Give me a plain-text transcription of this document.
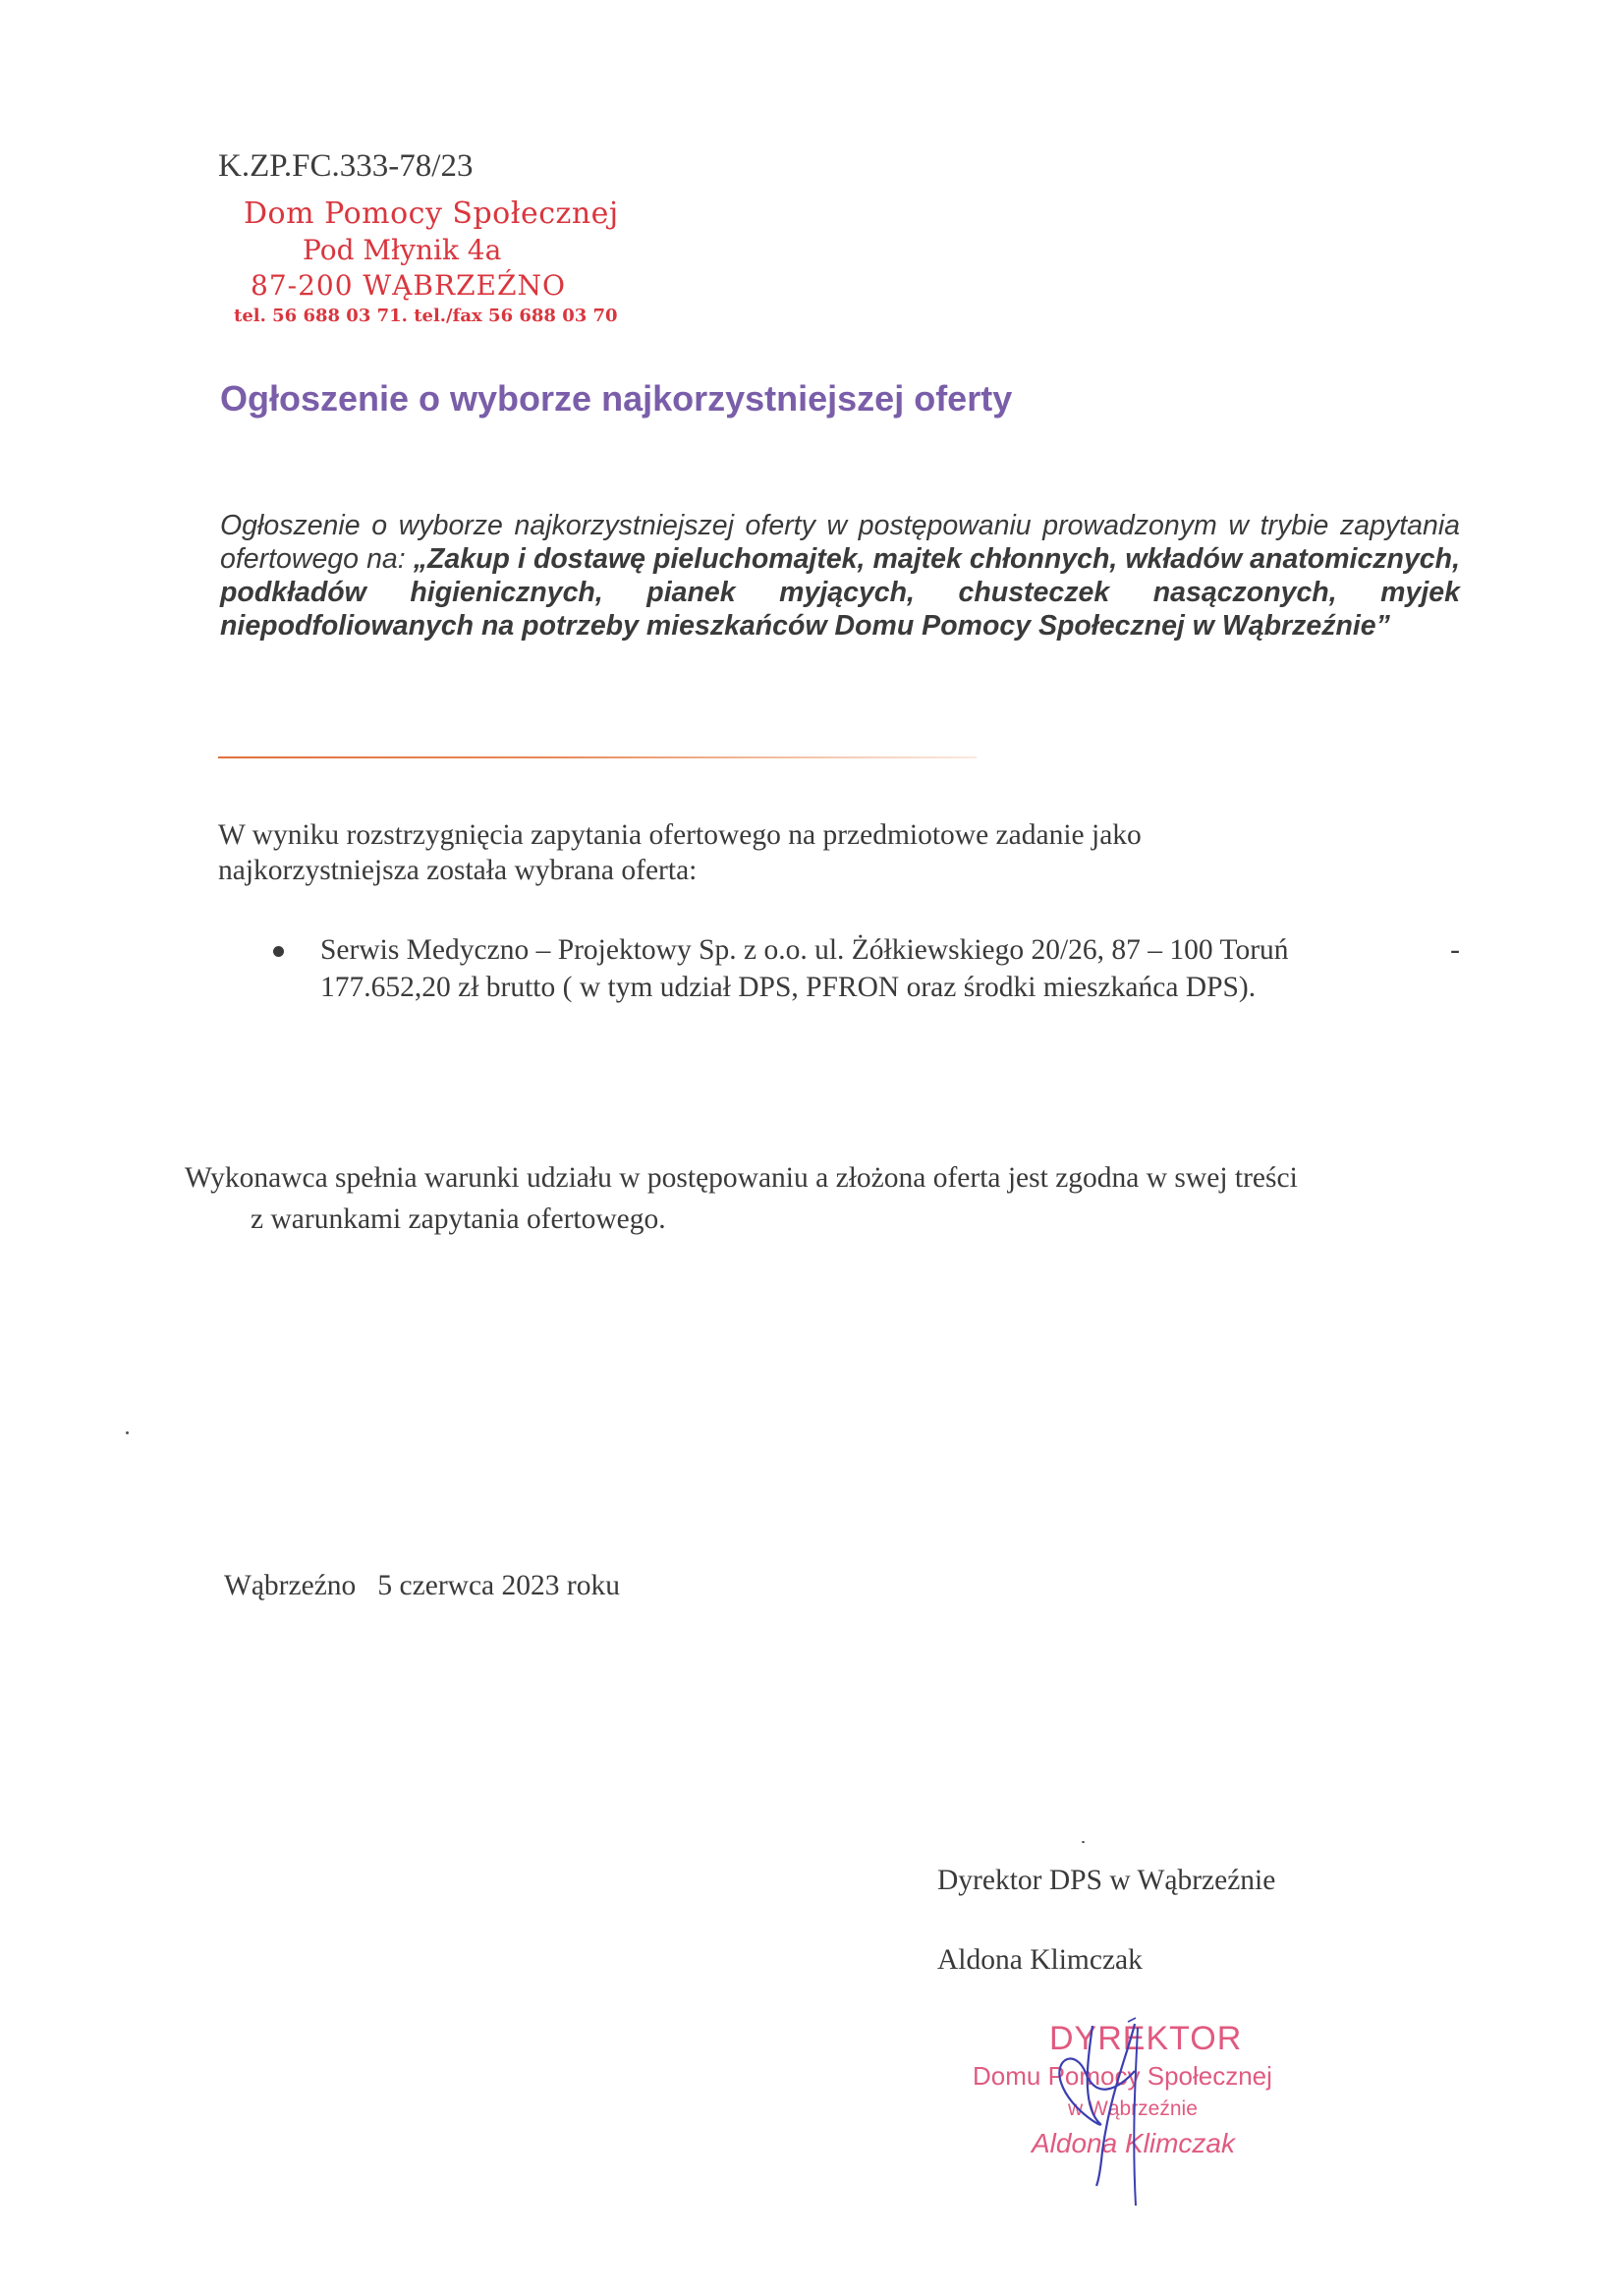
K.ZP.FC.333-78/23
Dom Pomocy Społecznej
Pod Młynik 4a
87-200 WĄBRZEŹNO
tel. 56 688 03 71. tel./fax 56 688 03 70
Ogłoszenie o wyborze najkorzystniejszej oferty
Ogłoszenie o wyborze najkorzystniejszej oferty w postępowaniu prowadzonym w trybie zapytania ofertowego na: „Zakup i dostawę pieluchomajtek, majtek chłonnych, wkładów anatomicznych, podkładów higienicznych, pianek myjących, chusteczek nasączonych, myjek niepodfoliowanych na potrzeby mieszkańców Domu Pomocy Społecznej w Wąbrzeźnie”
W wyniku rozstrzygnięcia zapytania ofertowego na przedmiotowe zadanie jako
najkorzystniejsza została wybrana oferta:
Serwis Medyczno – Projektowy Sp. z o.o. ul. Żółkiewskiego 20/26, 87 – 100 Toruń	-
177.652,20 zł brutto ( w tym udział DPS, PFRON oraz środki mieszkańca DPS).
Wykonawca spełnia warunki udziału w postępowaniu a złożona oferta jest zgodna w swej treści
z warunkami zapytania ofertowego.
Wąbrzeźno   5 czerwca 2023 roku
Dyrektor DPS w Wąbrzeźnie
Aldona Klimczak
DYREKTOR
Domu Pomocy Społecznej
w Wąbrzeźnie
Aldona Klimczak
